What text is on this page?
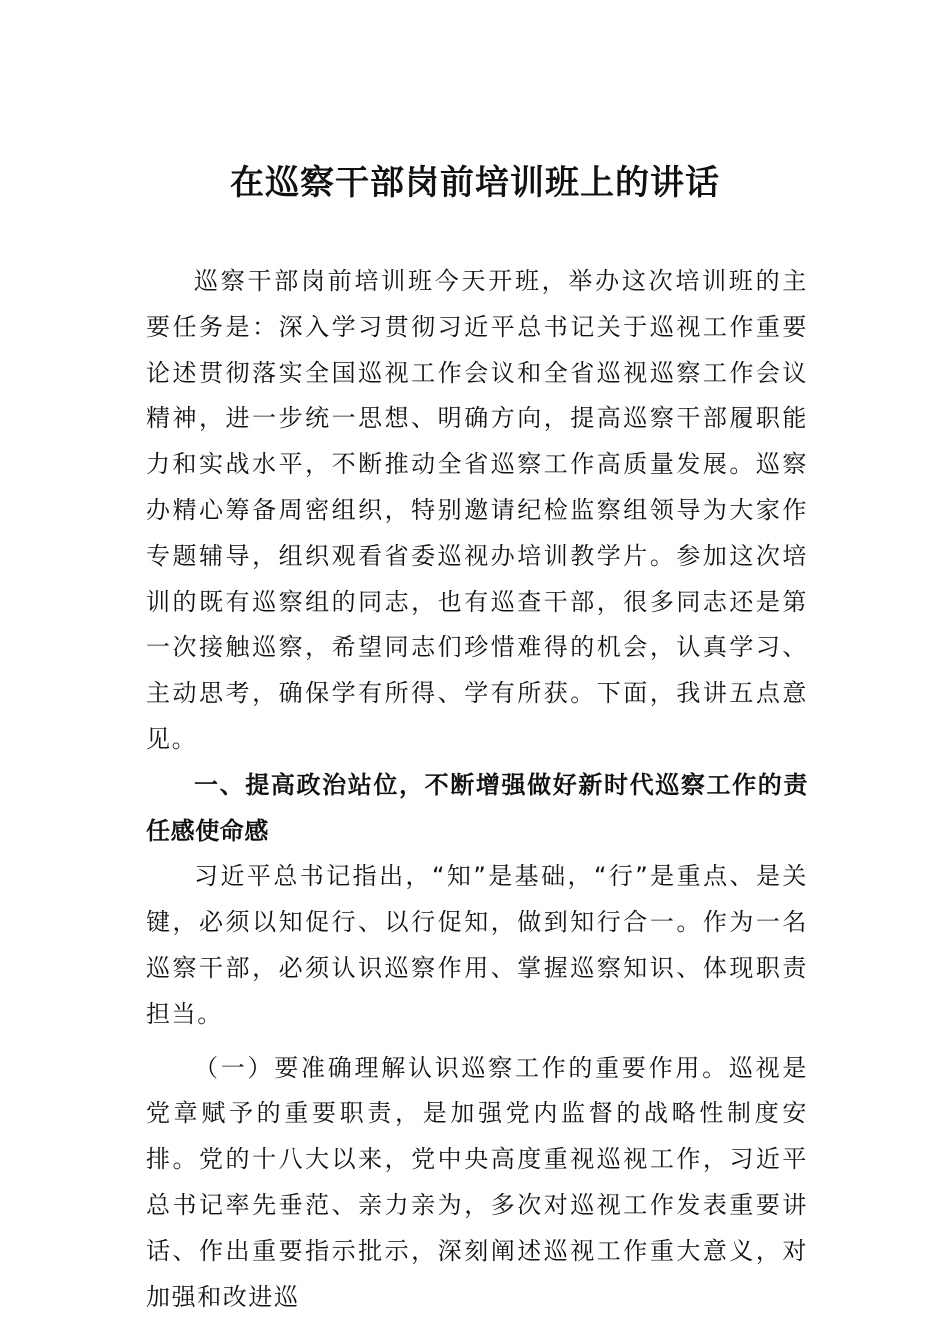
在巡察干部岗前培训班上的讲话

巡察干部岗前培训班今天开班，举办这次培训班的主要任务是：深入学习贯彻习近平总书记关于巡视工作重要论述贯彻落实全国巡视工作会议和全省巡视巡察工作会议精神，进一步统一思想、明确方向，提高巡察干部履职能力和实战水平，不断推动全省巡察工作高质量发展。巡察办精心筹备周密组织，特别邀请纪检监察组领导为大家作专题辅导，组织观看省委巡视办培训教学片。参加这次培训的既有巡察组的同志，也有巡查干部，很多同志还是第一次接触巡察，希望同志们珍惜难得的机会，认真学习、主动思考，确保学有所得、学有所获。下面，我讲五点意见。

一、提高政治站位，不断增强做好新时代巡察工作的责任感使命感

习近平总书记指出，“知”是基础，“行”是重点、是关键，必须以知促行、以行促知，做到知行合一。作为一名巡察干部，必须认识巡察作用、掌握巡察知识、体现职责担当。

（一）要准确理解认识巡察工作的重要作用。巡视是党章赋予的重要职责，是加强党内监督的战略性制度安排。党的十八大以来，党中央高度重视巡视工作，习近平总书记率先垂范、亲力亲为，多次对巡视工作发表重要讲话、作出重要指示批示，深刻阐述巡视工作重大意义，对加强和改进巡
